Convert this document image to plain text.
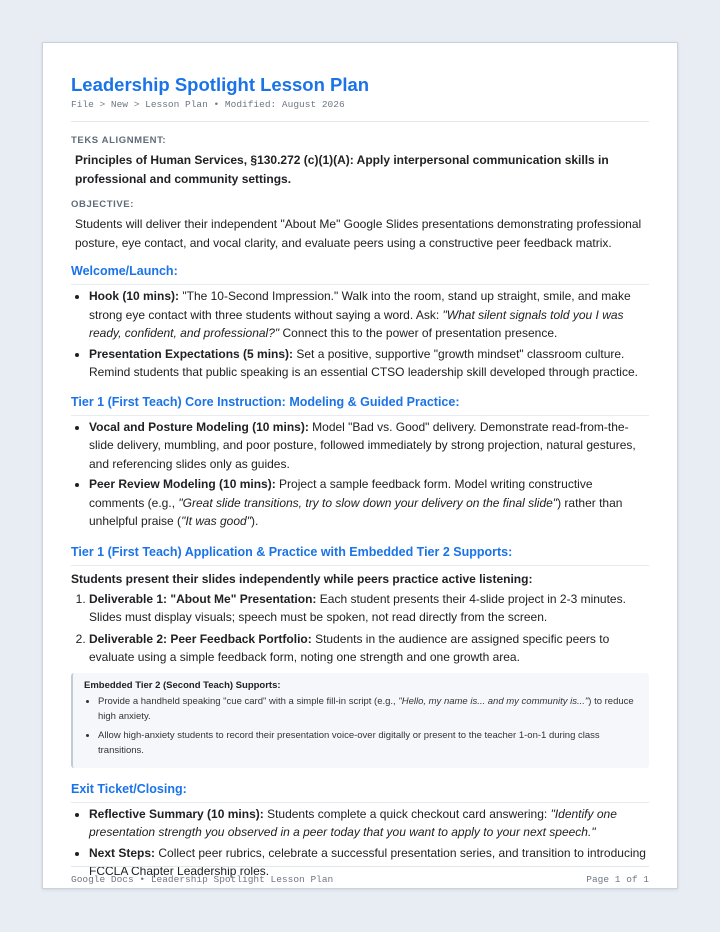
Leadership Spotlight Lesson Plan
File > New > Lesson Plan • Modified: August 2026
TEKS ALIGNMENT:
Principles of Human Services, §130.272 (c)(1)(A): Apply interpersonal communication skills in professional and community settings.
OBJECTIVE:
Students will deliver their independent "About Me" Google Slides presentations demonstrating professional posture, eye contact, and vocal clarity, and evaluate peers using a constructive peer feedback matrix.
Welcome/Launch:
• Hook (10 mins): "The 10-Second Impression." Walk into the room, stand up straight, smile, and make strong eye contact with three students without saying a word. Ask: "What silent signals told you I was ready, confident, and professional?" Connect this to the power of presentation presence.
• Presentation Expectations (5 mins): Set a positive, supportive "growth mindset" classroom culture. Remind students that public speaking is an essential CTSO leadership skill developed through practice.
Tier 1 (First Teach) Core Instruction: Modeling & Guided Practice:
• Vocal and Posture Modeling (10 mins): Model "Bad vs. Good" delivery. Demonstrate read-from-the-slide delivery, mumbling, and poor posture, followed immediately by strong projection, natural gestures, and referencing slides only as guides.
• Peer Review Modeling (10 mins): Project a sample feedback form. Model writing constructive comments (e.g., "Great slide transitions, try to slow down your delivery on the final slide") rather than unhelpful praise ("It was good").
Tier 1 (First Teach) Application & Practice with Embedded Tier 2 Supports:
Students present their slides independently while peers practice active listening:
1. Deliverable 1: "About Me" Presentation: Each student presents their 4-slide project in 2-3 minutes. Slides must display visuals; speech must be spoken, not read directly from the screen.
2. Deliverable 2: Peer Feedback Portfolio: Students in the audience are assigned specific peers to evaluate using a simple feedback form, noting one strength and one growth area.
Embedded Tier 2 (Second Teach) Supports:
• Provide a handheld speaking "cue card" with a simple fill-in script (e.g., "Hello, my name is... and my community is...") to reduce high anxiety.
• Allow high-anxiety students to record their presentation voice-over digitally or present to the teacher 1-on-1 during class transitions.
Exit Ticket/Closing:
• Reflective Summary (10 mins): Students complete a quick checkout card answering: "Identify one presentation strength you observed in a peer today that you want to apply to your next speech."
• Next Steps: Collect peer rubrics, celebrate a successful presentation series, and transition to introducing FCCLA Chapter Leadership roles.
Google Docs • Leadership Spotlight Lesson Plan	Page 1 of 1
